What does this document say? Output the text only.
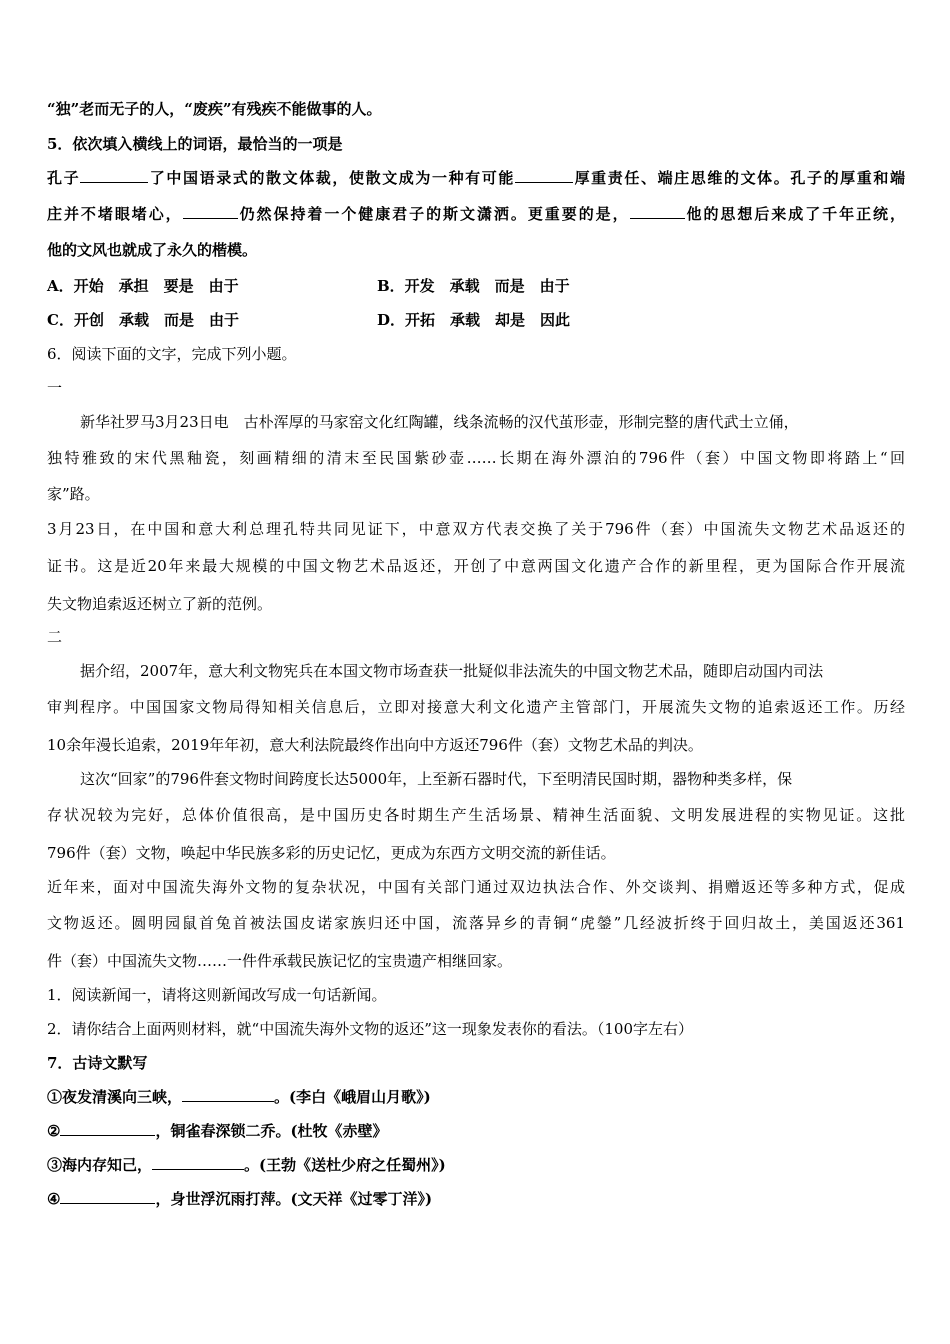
“独”老而无子的人，“废疾”有残疾不能做事的人。
5．依次填入横线上的词语，最恰当的一项是
孔子	了中国语录式的散文体裁，使散文成为一种有可能	厚重责任、端庄思维的文体。孔子的厚重和端
庄并不堵眼堵心，	仍然保持着一个健康君子的斯文潇洒。更重要的是，	他的思想后来成了千年正统，
他的文风也就成了永久的楷模。
A．开始　承担　要是　由于	B．开发　承载　而是　由于
C．开创　承载　而是　由于	D．开拓　承载　却是　因此
6．阅读下面的文字，完成下列小题。
一
新华社罗马3月23日电　古朴浑厚的马家窑文化红陶罐，线条流畅的汉代茧形壶，形制完整的唐代武士立俑，
独特雅致的宋代黑釉瓷，刻画精细的清末至民国紫砂壶……长期在海外漂泊的796件（套）中国文物即将踏上“回
家”路。
3月23日，在中国和意大利总理孔特共同见证下，中意双方代表交换了关于796件（套）中国流失文物艺术品返还的
证书。这是近20年来最大规模的中国文物艺术品返还，开创了中意两国文化遗产合作的新里程，更为国际合作开展流
失文物追索返还树立了新的范例。
二
据介绍，2007年，意大利文物宪兵在本国文物市场查获一批疑似非法流失的中国文物艺术品，随即启动国内司法
审判程序。中国国家文物局得知相关信息后，立即对接意大利文化遗产主管部门，开展流失文物的追索返还工作。历经
10余年漫长追索，2019年年初，意大利法院最终作出向中方返还796件（套）文物艺术品的判决。
这次“回家”的796件套文物时间跨度长达5000年，上至新石器时代，下至明清民国时期，器物种类多样，保
存状况较为完好，总体价值很高，是中国历史各时期生产生活场景、精神生活面貌、文明发展进程的实物见证。这批
796件（套）文物，唤起中华民族多彩的历史记忆，更成为东西方文明交流的新佳话。
近年来，面对中国流失海外文物的复杂状况，中国有关部门通过双边执法合作、外交谈判、捐赠返还等多种方式，促成
文物返还。圆明园鼠首兔首被法国皮诺家族归还中国，流落异乡的青铜“虎鎣”几经波折终于回归故土，美国返还361
件（套）中国流失文物……一件件承载民族记忆的宝贵遗产相继回家。
1．阅读新闻一，请将这则新闻改写成一句话新闻。
2．请你结合上面两则材料，就“中国流失海外文物的返还”这一现象发表你的看法。（100字左右）
7．古诗文默写
①夜发清溪向三峡，	。(李白《峨眉山月歌》)
②	，铜雀春深锁二乔。(杜牧《赤壁》
③海内存知己，	。(王勃《送杜少府之任蜀州》)
④	，身世浮沉雨打萍。(文天祥《过零丁洋》)
